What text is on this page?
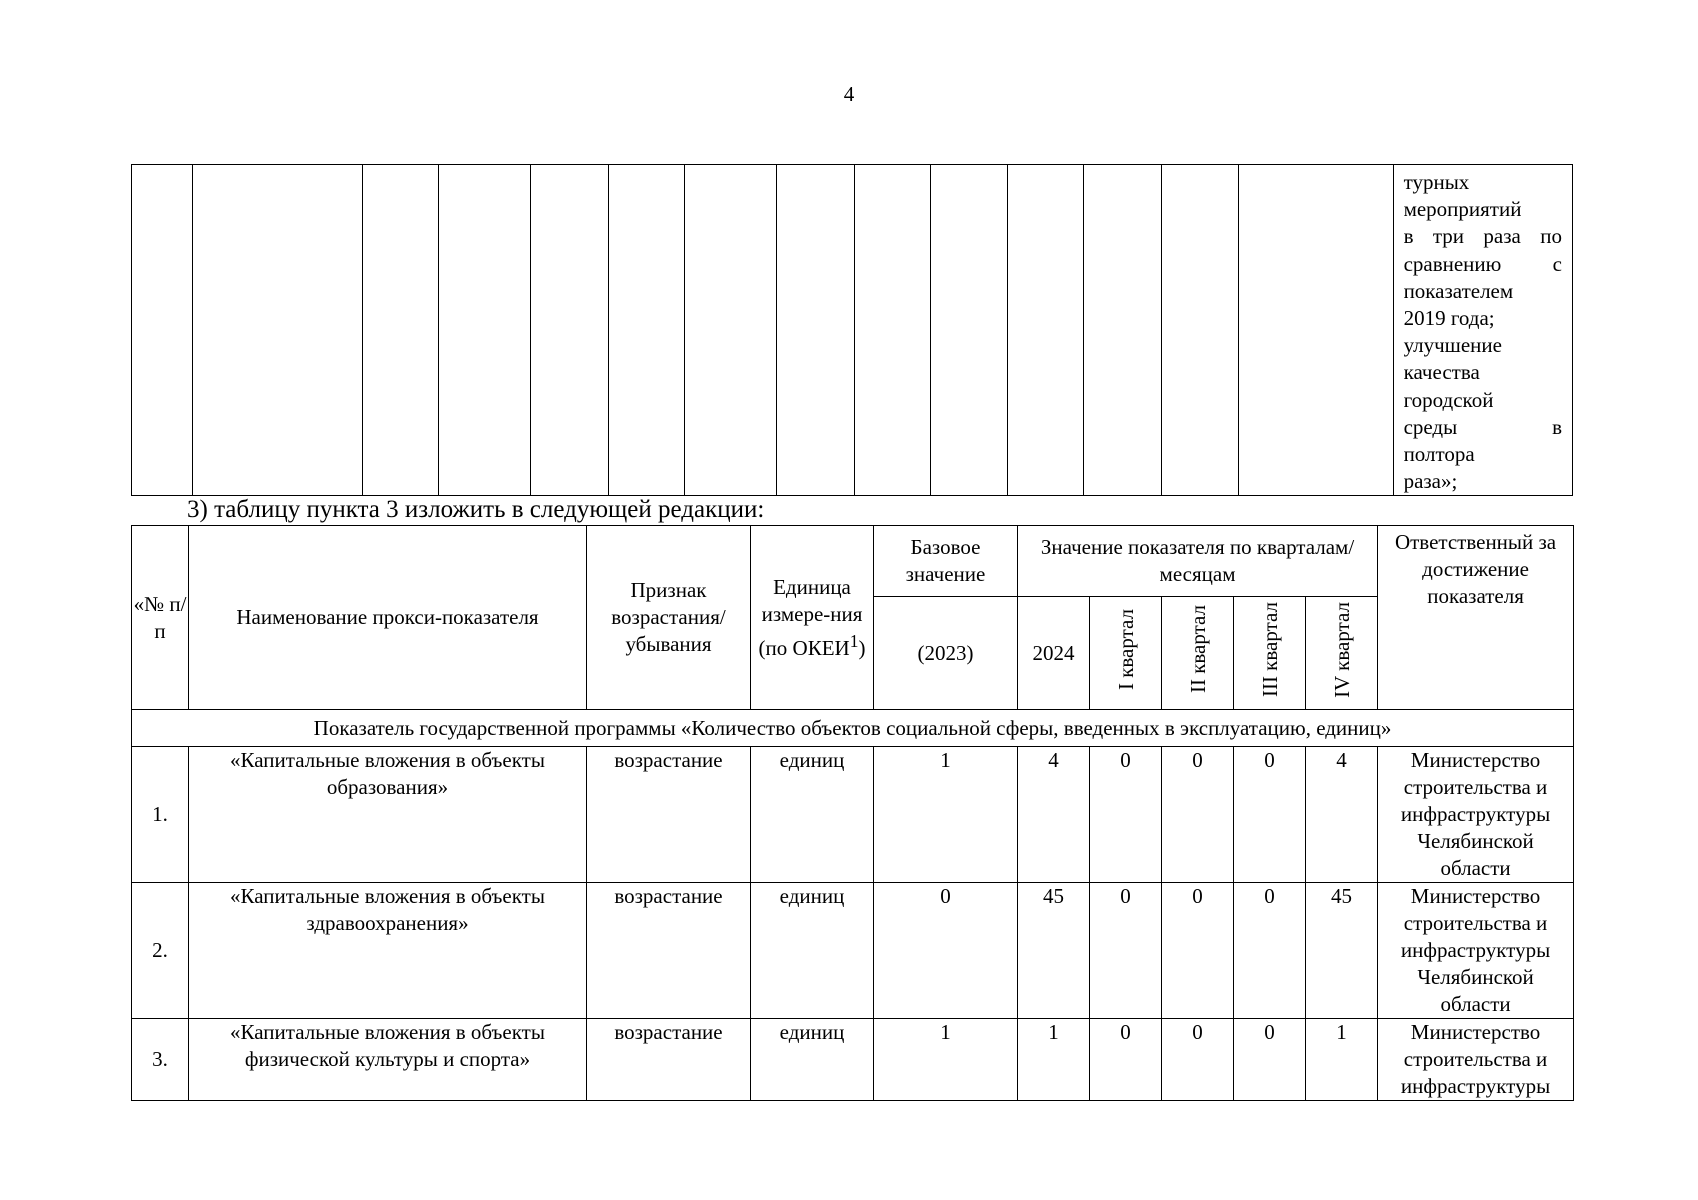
4

турных
мероприятий
в три раза по
сравнению с
показателем
2019 года;
улучшение
качества
городской
среды в
полтора
раза»;
3) таблицу пункта 3 изложить в следующей редакции:
«№ п/п	Наименование прокси-показателя	Признак возрастания/ убывания	Единица измере-ния (по ОКЕИ$^1$)	Базовое значение	Значение показателя по кварталам/месяцам					Ответственный за достижение показателя
				(2023)	2024	I квартал	II квартал	III квартал	IV квартал	
Показатель государственной программы «Количество объектов социальной сферы, введенных в эксплуатацию, единиц»										
1.	«Капитальные вложения в объекты образования»	возрастание	единиц	1	4	0	0	0	4	Министерство
строительства и
инфраструктуры
Челябинской
области

2.	«Капитальные вложения в объекты здравоохранения»	возрастание	единиц	0	45	0	0	0	45	Министерство
строительства и
инфраструктуры
Челябинской
области

3.	«Капитальные вложения в объекты физической культуры и спорта»	возрастание	единиц	1	1	0	0	0	1	Министерство
строительства и
инфраструктуры
